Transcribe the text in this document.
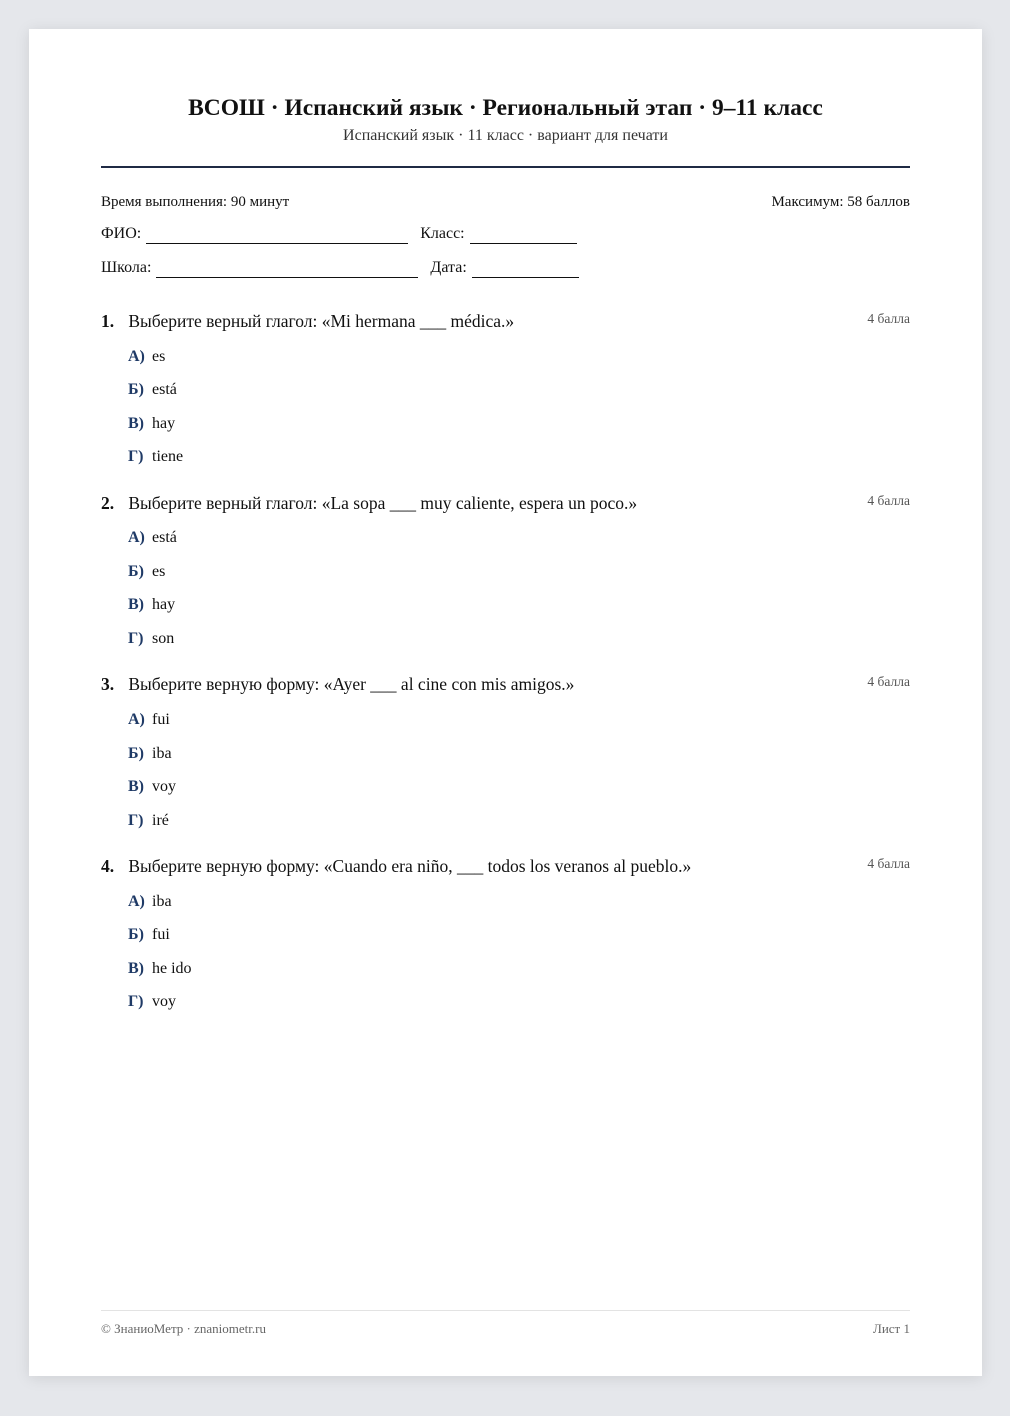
ВСОШ · Испанский язык · Региональный этап · 9–11 класс
Испанский язык · 11 класс · вариант для печати
Время выполнения: 90 минут	Максимум: 58 баллов
ФИО:	Класс:
Школа:	Дата:
1. Выберите верный глагол: «Mi hermana ___ médica.»	4 балла
А) es
Б) está
В) hay
Г) tiene
2. Выберите верный глагол: «La sopa ___ muy caliente, espera un poco.»	4 балла
А) está
Б) es
В) hay
Г) son
3. Выберите верную форму: «Ayer ___ al cine con mis amigos.»	4 балла
А) fui
Б) iba
В) voy
Г) iré
4. Выберите верную форму: «Cuando era niño, ___ todos los veranos al pueblo.»	4 балла
А) iba
Б) fui
В) he ido
Г) voy
© ЗнаниоМетр · znaniometr.ru	Лист 1
